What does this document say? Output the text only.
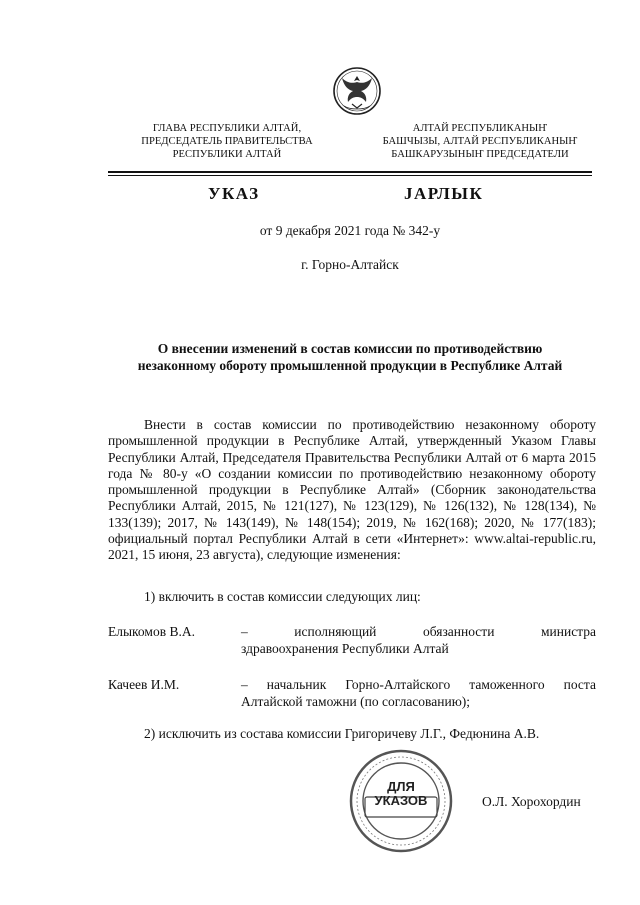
ГЛАВА РЕСПУБЛИКИ АЛТАЙ,
ПРЕДСЕДАТЕЛЬ ПРАВИТЕЛЬСТВА
РЕСПУБЛИКИ АЛТАЙ
АЛТАЙ РЕСПУБЛИКАНЫҤ
БАШЧЫЗЫ, АЛТАЙ РЕСПУБЛИКАНЫҤ
БАШКАРУЗЫНЫҤ ПРЕДСЕДАТЕЛИ
УКАЗ	JАРЛЫК
от 9 декабря 2021 года № 342-у
г. Горно-Алтайск
О внесении изменений в состав комиссии по противодействию
незаконному обороту промышленной продукции в Республике Алтай

Внести в состав комиссии по противодействию незаконному обороту промышленной продукции в Республике Алтай, утвержденный Указом Главы Республики Алтай, Председателя Правительства Республики Алтай от 6 марта 2015 года № 80-у «О создании комиссии по противодействию незаконному обороту промышленной продукции в Республике Алтай» (Сборник законодательства Республики Алтай, 2015, № 121(127), № 123(129), № 126(132), № 128(134), № 133(139); 2017, № 143(149), № 148(154); 2019, № 162(168); 2020, № 177(183); официальный портал Республики Алтай в сети «Интернет»: www.altai-republic.ru, 2021, 15 июня, 23 августа), следующие изменения:

1) включить в состав комиссии следующих лиц:
Елыкомов В.А.	– исполняющий обязанности министра
здравоохранения Республики Алтай
Качеев И.М.	– начальник Горно-Алтайского таможенного поста
Алтайской таможни (по согласованию);
2) исключить из состава комиссии Григоричеву Л.Г., Федюнина А.В.
ДЛЯ
УКАЗОВ	О.Л. Хорохордин
